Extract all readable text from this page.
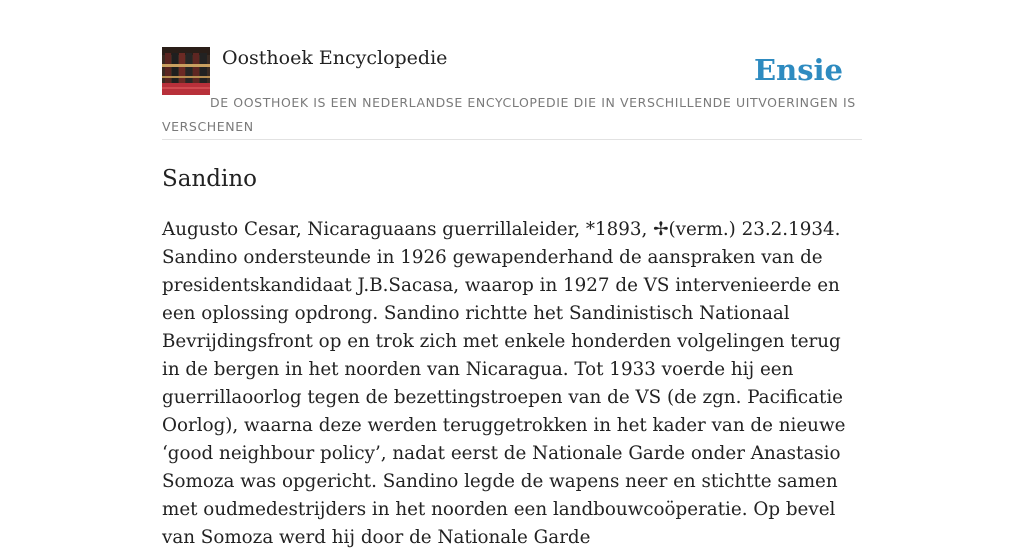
Oosthoek Encyclopedie	Ensie
DE OOSTHOEK IS EEN NEDERLANDSE ENCYCLOPEDIE DIE IN VERSCHILLENDE UITVOERINGEN IS VERSCHENEN
Sandino

Augusto Cesar, Nicaraguaans guerrillaleider, *1893, ✢(verm.) 23.2.1934. Sandino ondersteunde in 1926 gewapenderhand de aanspraken van de presidentskandidaat J.B.Sacasa, waarop in 1927 de VS intervenieerde en een oplossing opdrong. Sandino richtte het Sandinistisch Nationaal Bevrijdingsfront op en trok zich met enkele honderden volgelingen terug in de bergen in het noorden van Nicaragua. Tot 1933 voerde hij een guerrillaoorlog tegen de bezettingstroepen van de VS (de zgn. Pacificatie Oorlog), waarna deze werden teruggetrokken in het kader van de nieuwe ‘good neighbour policy’, nadat eerst de Nationale Garde onder Anastasio Somoza was opgericht. Sandino legde de wapens neer en stichtte samen met oudmedestrijders in het noorden een landbouwcoöperatie. Op bevel van Somoza werd hij door de Nationale Garde
